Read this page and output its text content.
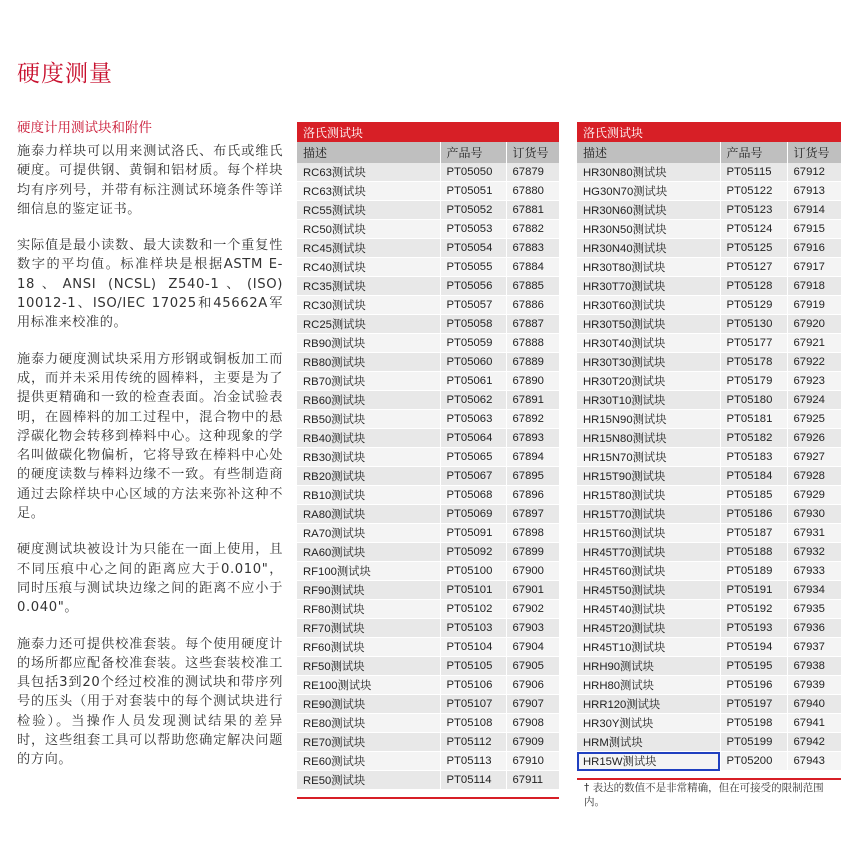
硬度测量
硬度计用测试块和附件

施泰力样块可以用来测试洛氏、布氏或维氏硬度。可提供钢、黄铜和铝材质。每个样块均有序列号，并带有标注测试环境条件等详细信息的鉴定证书。

实际值是最小读数、最大读数和一个重复性数字的平均值。标准样块是根据ASTM E-18、ANSI (NCSL) Z540-1、(ISO) 10012-1、ISO/IEC 17025和45662A军用标准来校准的。

施泰力硬度测试块采用方形钢或铜板加工而成，而并未采用传统的圆棒料，主要是为了提供更精确和一致的检查表面。冶金试验表明，在圆棒料的加工过程中，混合物中的悬浮碳化物会转移到棒料中心。这种现象的学名叫做碳化物偏析，它将导致在棒料中心处的硬度读数与棒料边缘不一致。有些制造商通过去除样块中心区域的方法来弥补这种不足。

硬度测试块被设计为只能在一面上使用，且不同压痕中心之间的距离应大于0.010"，同时压痕与测试块边缘之间的距离不应小于0.040"。

施泰力还可提供校准套装。每个使用硬度计的场所都应配备校准套装。这些套装校准工具包括3到20个经过校准的测试块和带序列号的压头（用于对套装中的每个测试块进行检验）。当操作人员发现测试结果的差异时，这些组套工具可以帮助您确定解决问题的方向。

洛氏测试块		
描述	产品号	订货号
RC63测试块	PT05050	67879
RC63测试块	PT05051	67880
RC55测试块	PT05052	67881
RC50测试块	PT05053	67882
RC45测试块	PT05054	67883
RC40测试块	PT05055	67884
RC35测试块	PT05056	67885
RC30测试块	PT05057	67886
RC25测试块	PT05058	67887
RB90测试块	PT05059	67888
RB80测试块	PT05060	67889
RB70测试块	PT05061	67890
RB60测试块	PT05062	67891
RB50测试块	PT05063	67892
RB40测试块	PT05064	67893
RB30测试块	PT05065	67894
RB20测试块	PT05067	67895
RB10测试块	PT05068	67896
RA80测试块	PT05069	67897
RA70测试块	PT05091	67898
RA60测试块	PT05092	67899
RF100测试块	PT05100	67900
RF90测试块	PT05101	67901
RF80测试块	PT05102	67902
RF70测试块	PT05103	67903
RF60测试块	PT05104	67904
RF50测试块	PT05105	67905
RE100测试块	PT05106	67906
RE90测试块	PT05107	67907
RE80测试块	PT05108	67908
RE70测试块	PT05112	67909
RE60测试块	PT05113	67910
RE50测试块	PT05114	67911
洛氏测试块		
描述	产品号	订货号
HR30N80测试块	PT05115	67912
HG30N70测试块	PT05122	67913
HR30N60测试块	PT05123	67914
HR30N50测试块	PT05124	67915
HR30N40测试块	PT05125	67916
HR30T80测试块	PT05127	67917
HR30T70测试块	PT05128	67918
HR30T60测试块	PT05129	67919
HR30T50测试块	PT05130	67920
HR30T40测试块	PT05177	67921
HR30T30测试块	PT05178	67922
HR30T20测试块	PT05179	67923
HR30T10测试块	PT05180	67924
HR15N90测试块	PT05181	67925
HR15N80测试块	PT05182	67926
HR15N70测试块	PT05183	67927
HR15T90测试块	PT05184	67928
HR15T80测试块	PT05185	67929
HR15T70测试块	PT05186	67930
HR15T60测试块	PT05187	67931
HR45T70测试块	PT05188	67932
HR45T60测试块	PT05189	67933
HR45T50测试块	PT05191	67934
HR45T40测试块	PT05192	67935
HR45T20测试块	PT05193	67936
HR45T10测试块	PT05194	67937
HRH90测试块	PT05195	67938
HRH80测试块	PT05196	67939
HRR120测试块	PT05197	67940
HR30Y测试块	PT05198	67941
HRM测试块	PT05199	67942
HR15W测试块	PT05200	67943
† 表达的数值不是非常精确，但在可接受的限制范围内。
